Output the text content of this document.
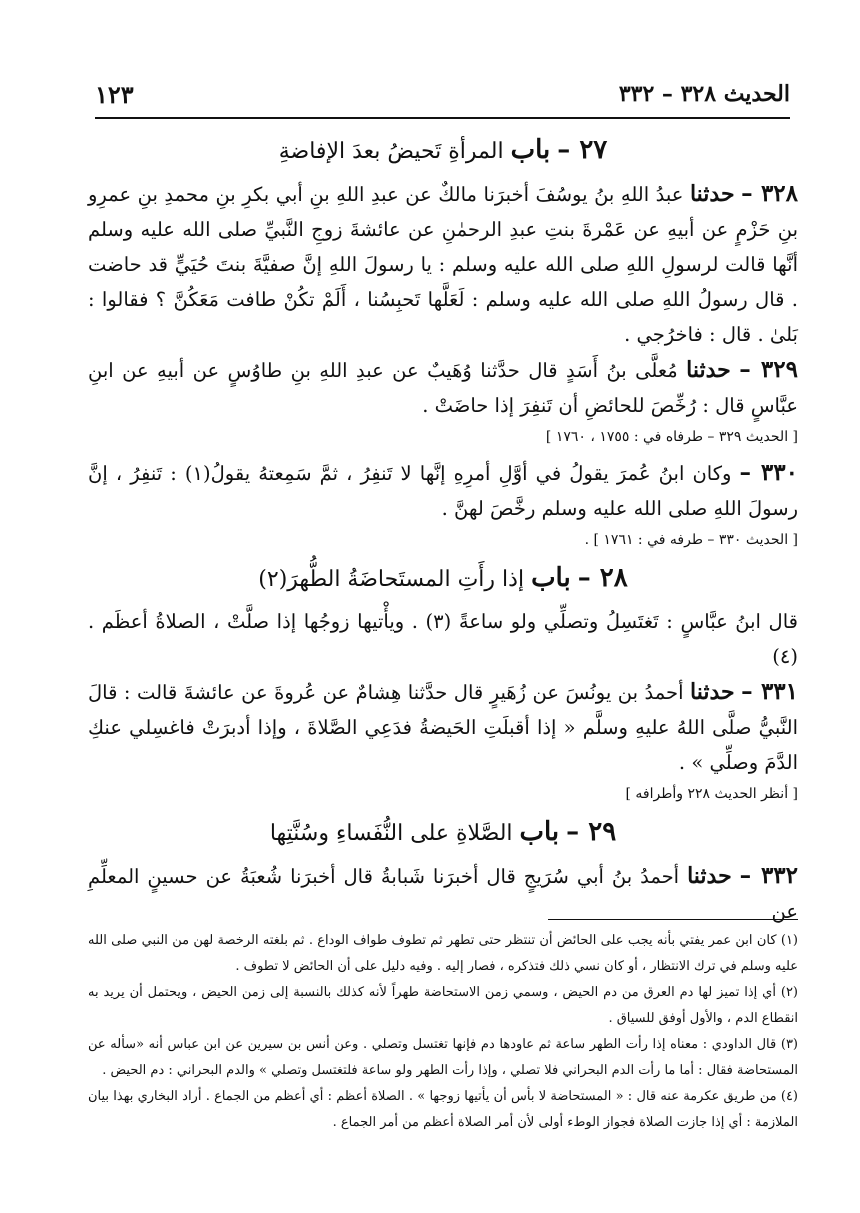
الحديث ٣٢٨ – ٣٣٢
١٢٣
٢٧ – باب المرأةِ تَحيضُ بعدَ الإفاضةِ

٣٢٨ – حدثنا عبدُ اللهِ بنُ يوسُفَ أخبرَنا مالكٌ عن عبدِ اللهِ بنِ أبي بكرِ بنِ محمدِ بنِ عمرِو بنِ حَزْمٍ عن أبيهِ عن عَمْرةَ بنتِ عبدِ الرحمٰنِ عن عائشةَ زوجِ النَّبيِّ صلى الله عليه وسلم أنَّها قالت لرسولِ اللهِ صلى الله عليه وسلم : يا رسولَ اللهِ إنَّ صفيَّةَ بنتَ حُيَيٍّ قد حاضت . قال رسولُ اللهِ صلى الله عليه وسلم : لَعَلَّها تَحبِسُنا ، أَلَمْ تكُنْ طافت مَعَكُنَّ ؟ فقالوا : بَلىٰ . قال : فاخرُجي .

٣٢٩ – حدثنا مُعلَّى بنُ أَسَدٍ قال حدَّثنا وُهَيبٌ عن عبدِ اللهِ بنِ طاوُسٍ عن أبيهِ عن ابنِ عبَّاسٍ قال : رُخِّصَ للحائضِ أن تَنفِرَ إذا حاضَتْ .

[ الحديث ٣٢٩ – طرفاه في : ١٧٥٥ ، ١٧٦٠ ]

٣٣٠ – وكان ابنُ عُمرَ يقولُ في أوَّلِ أمرِهِ إنَّها لا تَنفِرُ ، ثمَّ سَمِعتهُ يقولُ(١) : تَنفِرُ ، إنَّ رسولَ اللهِ صلى الله عليه وسلم رخَّصَ لهنَّ .

[ الحديث ٣٣٠ – طرفه في : ١٧٦١ ] .

٢٨ – باب إذا رأَتِ المستَحاضَةُ الطُّهرَ(٢)

قال ابنُ عبَّاسٍ : تَغتَسِلُ وتصلِّي ولو ساعةً (٣) . ويأْتيها زوجُها إذا صلَّتْ ، الصلاةُ أعظَم . (٤)

٣٣١ – حدثنا أحمدُ بن يونُسَ عن زُهَيرٍ قال حدَّثنا هِشامٌ عن عُروةَ عن عائشةَ قالت : قالَ النَّبيُّ صلَّى اللهُ عليهِ وسلَّم « إذا أقبلَتِ الحَيضةُ فدَعِي الصَّلاةَ ، وإذا أدبرَتْ فاغسِلي عنكِ الدَّمَ وصلِّي » .

[ أنظر الحديث ٢٢٨ وأطرافه ]

٢٩ – باب الصَّلاةِ على النُّفَساءِ وسُنَّتِها

٣٣٢ – حدثنا أحمدُ بنُ أبي سُرَيجٍ قال أخبرَنا شَبابةُ قال أخبرَنا شُعبَةُ عن حسينٍ المعلِّمِ عن

(١) كان ابن عمر يفتي بأنه يجب على الحائض أن تنتظر حتى تطهر ثم تطوف طواف الوداع . ثم بلغته الرخصة لهن من النبي صلى الله عليه وسلم في ترك الانتظار ، أو كان نسي ذلك فتذكره ، فصار إليه . وفيه دليل على أن الحائض لا تطوف .

(٢) أي إذا تميز لها دم العرق من دم الحيض ، وسمي زمن الاستحاضة طهراً لأنه كذلك بالنسبة إلى زمن الحيض ، ويحتمل أن يريد به انقطاع الدم ، والأول أوفق للسياق .

(٣) قال الداودي : معناه إذا رأت الطهر ساعة ثم عاودها دم فإنها تغتسل وتصلي . وعن أنس بن سيرين عن ابن عباس أنه «سأله عن المستحاضة فقال : أما ما رأت الدم البحراني فلا تصلي ، وإذا رأت الطهر ولو ساعة فلتغتسل وتصلي » والدم البحراني : دم الحيض .

(٤) من طريق عكرمة عنه قال : « المستحاضة لا بأس أن يأتيها زوجها » . الصلاة أعظم : أي أعظم من الجماع . أراد البخاري بهذا بيان الملازمة : أي إذا جازت الصلاة فجواز الوطء أولى لأن أمر الصلاة أعظم من أمر الجماع .
